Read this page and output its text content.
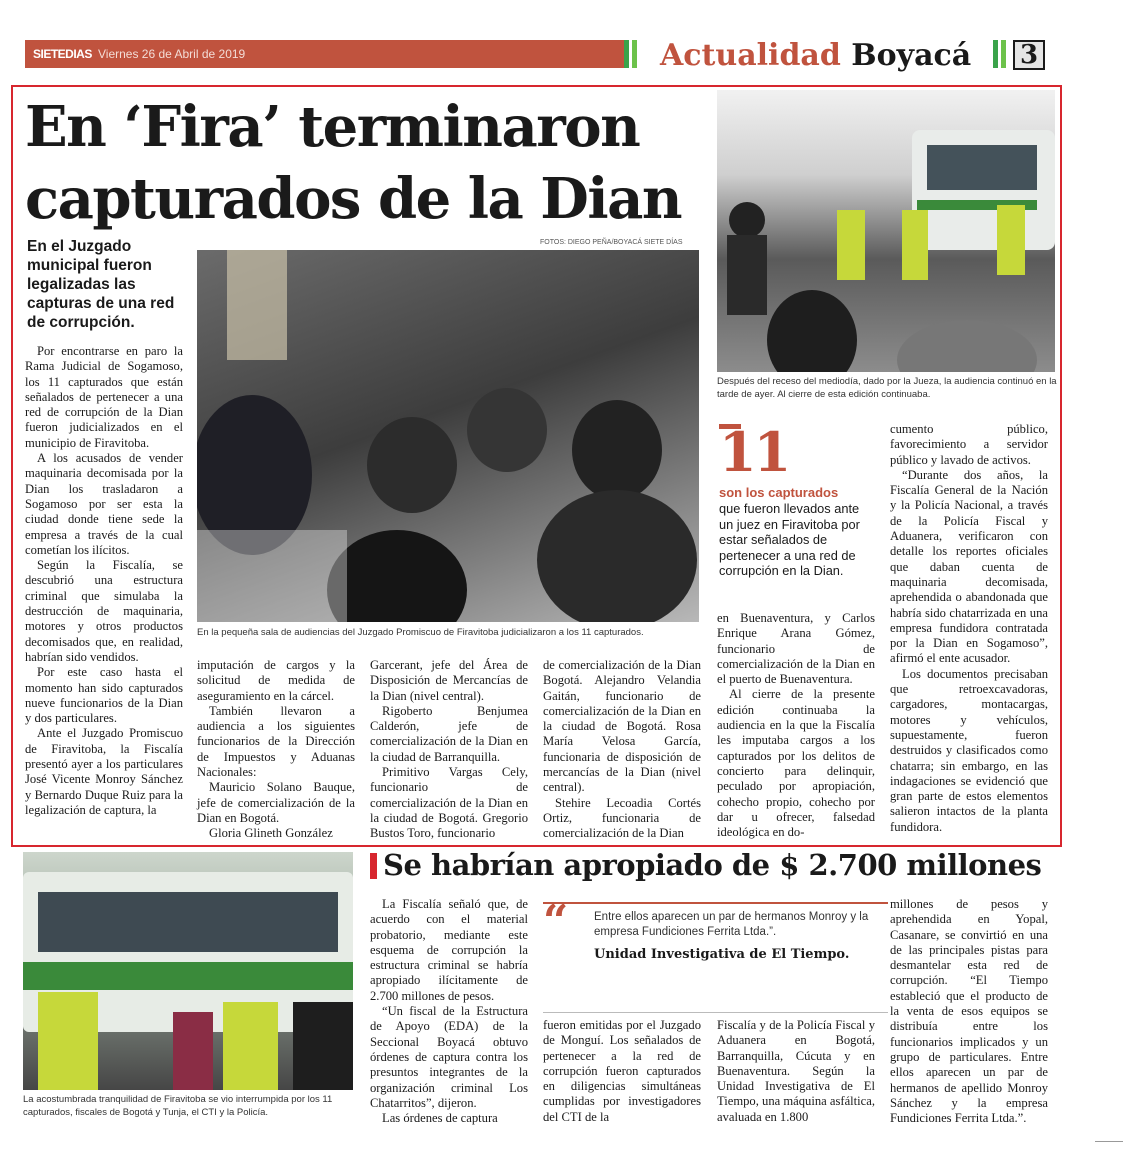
SIETEDIAS Viernes 26 de Abril de 2019	Actualidad Boyacá 3
En ‘Fira’ terminaron
capturados de la Dian
En el Juzgado municipal fueron legalizadas las capturas de una red de corrupción.
FOTOS: DIEGO PEÑA/BOYACÁ SIETE DÍAS
En la pequeña sala de audiencias del Juzgado Promiscuo de Firavitoba judicializaron a los 11 capturados.
Después del receso del mediodía, dado por la Jueza, la audiencia continuó en la tarde de ayer. Al cierre de esta edición continuaba.

Por encontrarse en paro la Rama Judicial de Sogamoso, los 11 capturados que están señalados de pertenecer a una red de corrupción de la Dian fueron judicializados en el municipio de Firavitoba.

A los acusados de vender maquinaria decomisada por la Dian los trasladaron a Sogamoso por ser esta la ciudad donde tiene sede la empresa a través de la cual cometían los ilícitos.

Según la Fiscalía, se descubrió una estructura criminal que simulaba la destrucción de maquinaria, motores y otros productos decomisados que, en realidad, habrían sido vendidos.

Por este caso hasta el momento han sido capturados nueve funcionarios de la Dian y dos particulares.

Ante el Juzgado Promiscuo de Firavitoba, la Fiscalía presentó ayer a los particulares José Vicente Monroy Sánchez y Bernardo Duque Ruiz para la legalización de captura, la

imputación de cargos y la solicitud de medida de aseguramiento en la cárcel.

También llevaron a audiencia a los siguientes funcionarios de la Dirección de Impuestos y Aduanas Nacionales:

Mauricio Solano Bauque, jefe de comercialización de la Dian en Bogotá.

Gloria Glineth González

Garcerant, jefe del Área de Disposición de Mercancías de la Dian (nivel central).

Rigoberto Benjumea Calderón, jefe de comercialización de la Dian en la ciudad de Barranquilla.

Primitivo Vargas Cely, funcionario de comercialización de la Dian en la ciudad de Bogotá. Gregorio Bustos Toro, funcionario

de comercialización de la Dian Bogotá. Alejandro Velandia Gaitán, funcionario de comercialización de la Dian en la ciudad de Bogotá. Rosa María Velosa García, funcionaria de disposición de mercancías de la Dian (nivel central).

Stehire Lecoadia Cortés Ortiz, funcionaria de comercialización de la Dian

11
son los capturados
que fueron llevados ante un juez en Firavitoba por estar señalados de pertenecer a una red de corrupción en la Dian.

en Buenaventura, y Carlos Enrique Arana Gómez, funcionario de comercialización de la Dian en el puerto de Buenaventura.

Al cierre de la presente edición continuaba la audiencia en la que la Fiscalía les imputaba cargos a los capturados por los delitos de concierto para delinquir, peculado por apropiación, cohecho propio, cohecho por dar u ofrecer, falsedad ideológica en do-

cumento público, favorecimiento a servidor público y lavado de activos.

“Durante dos años, la Fiscalía General de la Nación y la Policía Nacional, a través de la Policía Fiscal y Aduanera, verificaron con detalle los reportes oficiales que daban cuenta de maquinaria decomisada, aprehendida o abandonada que habría sido chatarrizada en una empresa fundidora contratada por la Dian en Sogamoso”, afirmó el ente acusador.

Los documentos precisaban que retroexcavadoras, cargadores, montacargas, motores y vehículos, supuestamente, fueron destruidos y clasificados como chatarra; sin embargo, en las indagaciones se evidenció que gran parte de estos elementos salieron intactos de la planta fundidora.

La acostumbrada tranquilidad de Firavitoba se vio interrumpida por los 11 capturados, fiscales de Bogotá y Tunja, el CTI y la Policía.
Se habrían apropiado de $ 2.700 millones

La Fiscalía señaló que, de acuerdo con el material probatorio, mediante este esquema de corrupción la estructura criminal se habría apropiado ilícitamente de 2.700 millones de pesos.

“Un fiscal de la Estructura de Apoyo (EDA) de la Seccional Boyacá obtuvo órdenes de captura contra los presuntos integrantes de la organización criminal Los Chatarritos”, dijeron.

Las órdenes de captura

“ Entre ellos aparecen un par de hermanos Monroy y la empresa Fundiciones Ferrita Ltda.”.
Unidad Investigativa de El Tiempo.

fueron emitidas por el Juzgado de Monguí. Los señalados de pertenecer a la red de corrupción fueron capturados en diligencias simultáneas cumplidas por investigadores del CTI de la

Fiscalía y de la Policía Fiscal y Aduanera en Bogotá, Barranquilla, Cúcuta y en Buenaventura. Según la Unidad Investigativa de El Tiempo, una máquina asfáltica, avaluada en 1.800

millones de pesos y aprehendida en Yopal, Casanare, se convirtió en una de las principales pistas para desmantelar esta red de corrupción. “El Tiempo estableció que el producto de la venta de esos equipos se distribuía entre los funcionarios implicados y un grupo de particulares. Entre ellos aparecen un par de hermanos de apellido Monroy Sánchez y la empresa Fundiciones Ferrita Ltda.”.
